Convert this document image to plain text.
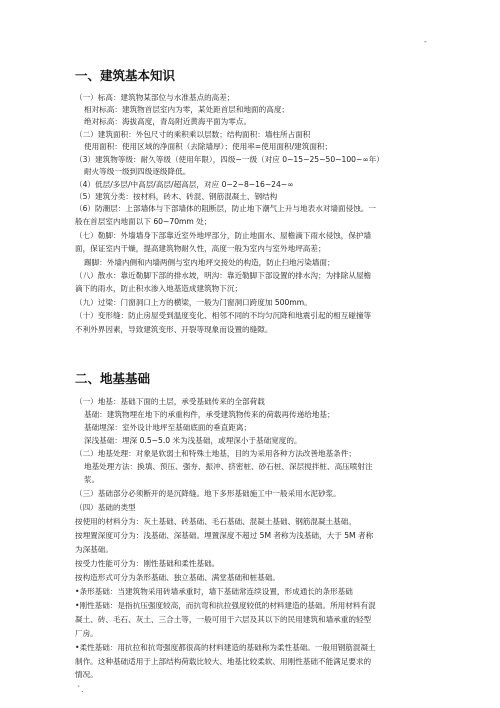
-
一、建筑基本知识
（一）标高：建筑物某部位与水准基点的高差；
相对标高：建筑物首层室内为零，某处距首层和地面的高度；
绝对标高：海拔高度，青岛附近黄海平面为零点。
（二）建筑面积：外包尺寸的乘积乘以层数；结构面积：墙柱所占面积
使用面积：使用区域的净面积（去除墙厚）；使用率=使用面积/建筑面积；
（3）建筑物等级：耐久等级（使用年限），四级~一级（对应 0~15~25~50~100~∞年）
耐火等级一级到四级逐级降低。
（4）低层/多层/中高层/高层/超高层，对应 0~2~8~16~24~∞
（5）建筑分类：按材料，砖木、砖混、钢筋混凝土、钢结构
（6）防潮层：上部墙体与下部墙体的阻断层，防止地下潮气上升与地表水对墙面侵蚀。一
般在首层室内地面以下 60~70mm 处；
（七）勒脚：外墙墙身下部靠近室外地坪部分，防止地面水、屋檐滴下雨水侵蚀，保护墙
面，保证室内干燥，提高建筑物耐久性，高度一般为室内与室外地坪高差；
踢脚：外墙内侧和内墙两侧与室内地坪交接处的构造，防止扫地污染墙面；
（八）散水：靠近勒脚下部的排水坡，明沟：靠近勒脚下部设置的排水沟；为排除从屋檐
滴下的雨水，防止积水渗入地基造成建筑物下沉；
（九）过梁：门窗洞口上方的横梁，一般为门窗洞口跨度加 500mm。
（十）变形缝：防止房屋受到温度变化、相邻不同的不均匀沉降和地震引起的相互碰撞等
不利外界因素，导致建筑变形、开裂等现象而设置的缝隙。
二、地基基础
（一）地基：基础下面的土层，承受基础传来的全部荷载
基础：建筑物埋在地下的承重构件，承受建筑物传来的荷载再传递给地基；
基础埋深：室外设计地坪至基础底面的垂直距离；
深浅基础：埋深 0.5~5.0 米为浅基础，或埋深小于基础宽度的。
（二）地基处理：对象是软弱土和特殊土地基，目的为采用各种方法改善地基条件；
地基处理方法：换填、预压、强夯、振冲、挤密桩、砂石桩、深层搅拌桩、高压喷射注
浆。
（三）基础部分必须断开的是沉降缝。地下多形基础施工中一般采用水泥砂浆。
（四）基础的类型
按使用的材料分为：灰土基础、砖基础、毛石基础、混凝土基础、钢筋混凝土基础。
按埋置深度可分为：浅基础、深基础。埋置深度不超过 5M 者称为浅基础，大于 5M 者称
为深基础。
按受力性能可分为：刚性基础和柔性基础。
按构造形式可分为条形基础、独立基础、满堂基础和桩基础。
•条形基础：当建筑物采用砖墙承重时，墙下基础常连续设置，形成通长的条形基础
•刚性基础：是指抗压强度较高，而抗弯和抗拉强度较低的材料建造的基础。所用材料有混
凝土、砖、毛石、灰土、三合土等，一般可用于六层及其以下的民用建筑和墙承重的轻型
厂房。
•柔性基础：用抗拉和抗弯强度都很高的材料建造的基础称为柔性基础。一般用钢筋混凝土
制作。这种基础适用于上部结构荷载比较大、地基比较柔软、用刚性基础不能满足要求的
情况。
`.
